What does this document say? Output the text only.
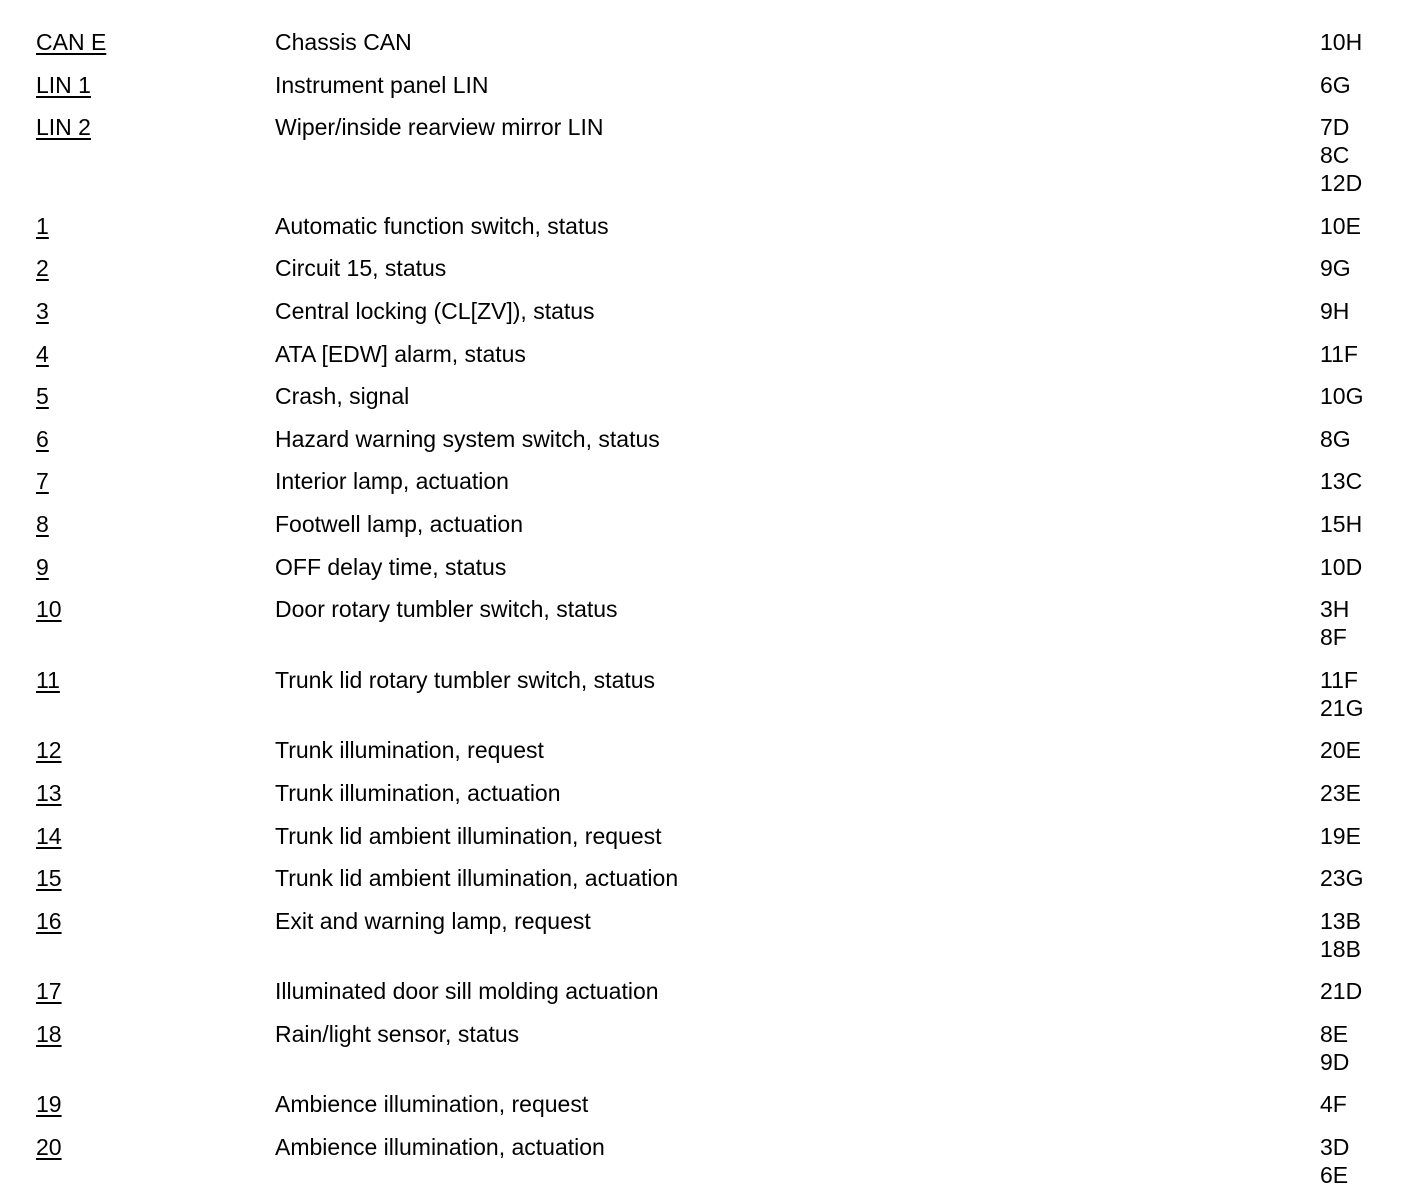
CAN E	Chassis CAN	10H
LIN 1	Instrument panel LIN	6G
LIN 2	Wiper/inside rearview mirror LIN	7D
8C
12D
1	Automatic function switch, status	10E
2	Circuit 15, status	9G
3	Central locking (CL[ZV]), status	9H
4	ATA [EDW] alarm, status	11F
5	Crash, signal	10G
6	Hazard warning system switch, status	8G
7	Interior lamp, actuation	13C
8	Footwell lamp, actuation	15H
9	OFF delay time, status	10D
10	Door rotary tumbler switch, status	3H
8F
11	Trunk lid rotary tumbler switch, status	11F
21G
12	Trunk illumination, request	20E
13	Trunk illumination, actuation	23E
14	Trunk lid ambient illumination, request	19E
15	Trunk lid ambient illumination, actuation	23G
16	Exit and warning lamp, request	13B
18B
17	Illuminated door sill molding actuation	21D
18	Rain/light sensor, status	8E
9D
19	Ambience illumination, request	4F
20	Ambience illumination, actuation	3D
6E
